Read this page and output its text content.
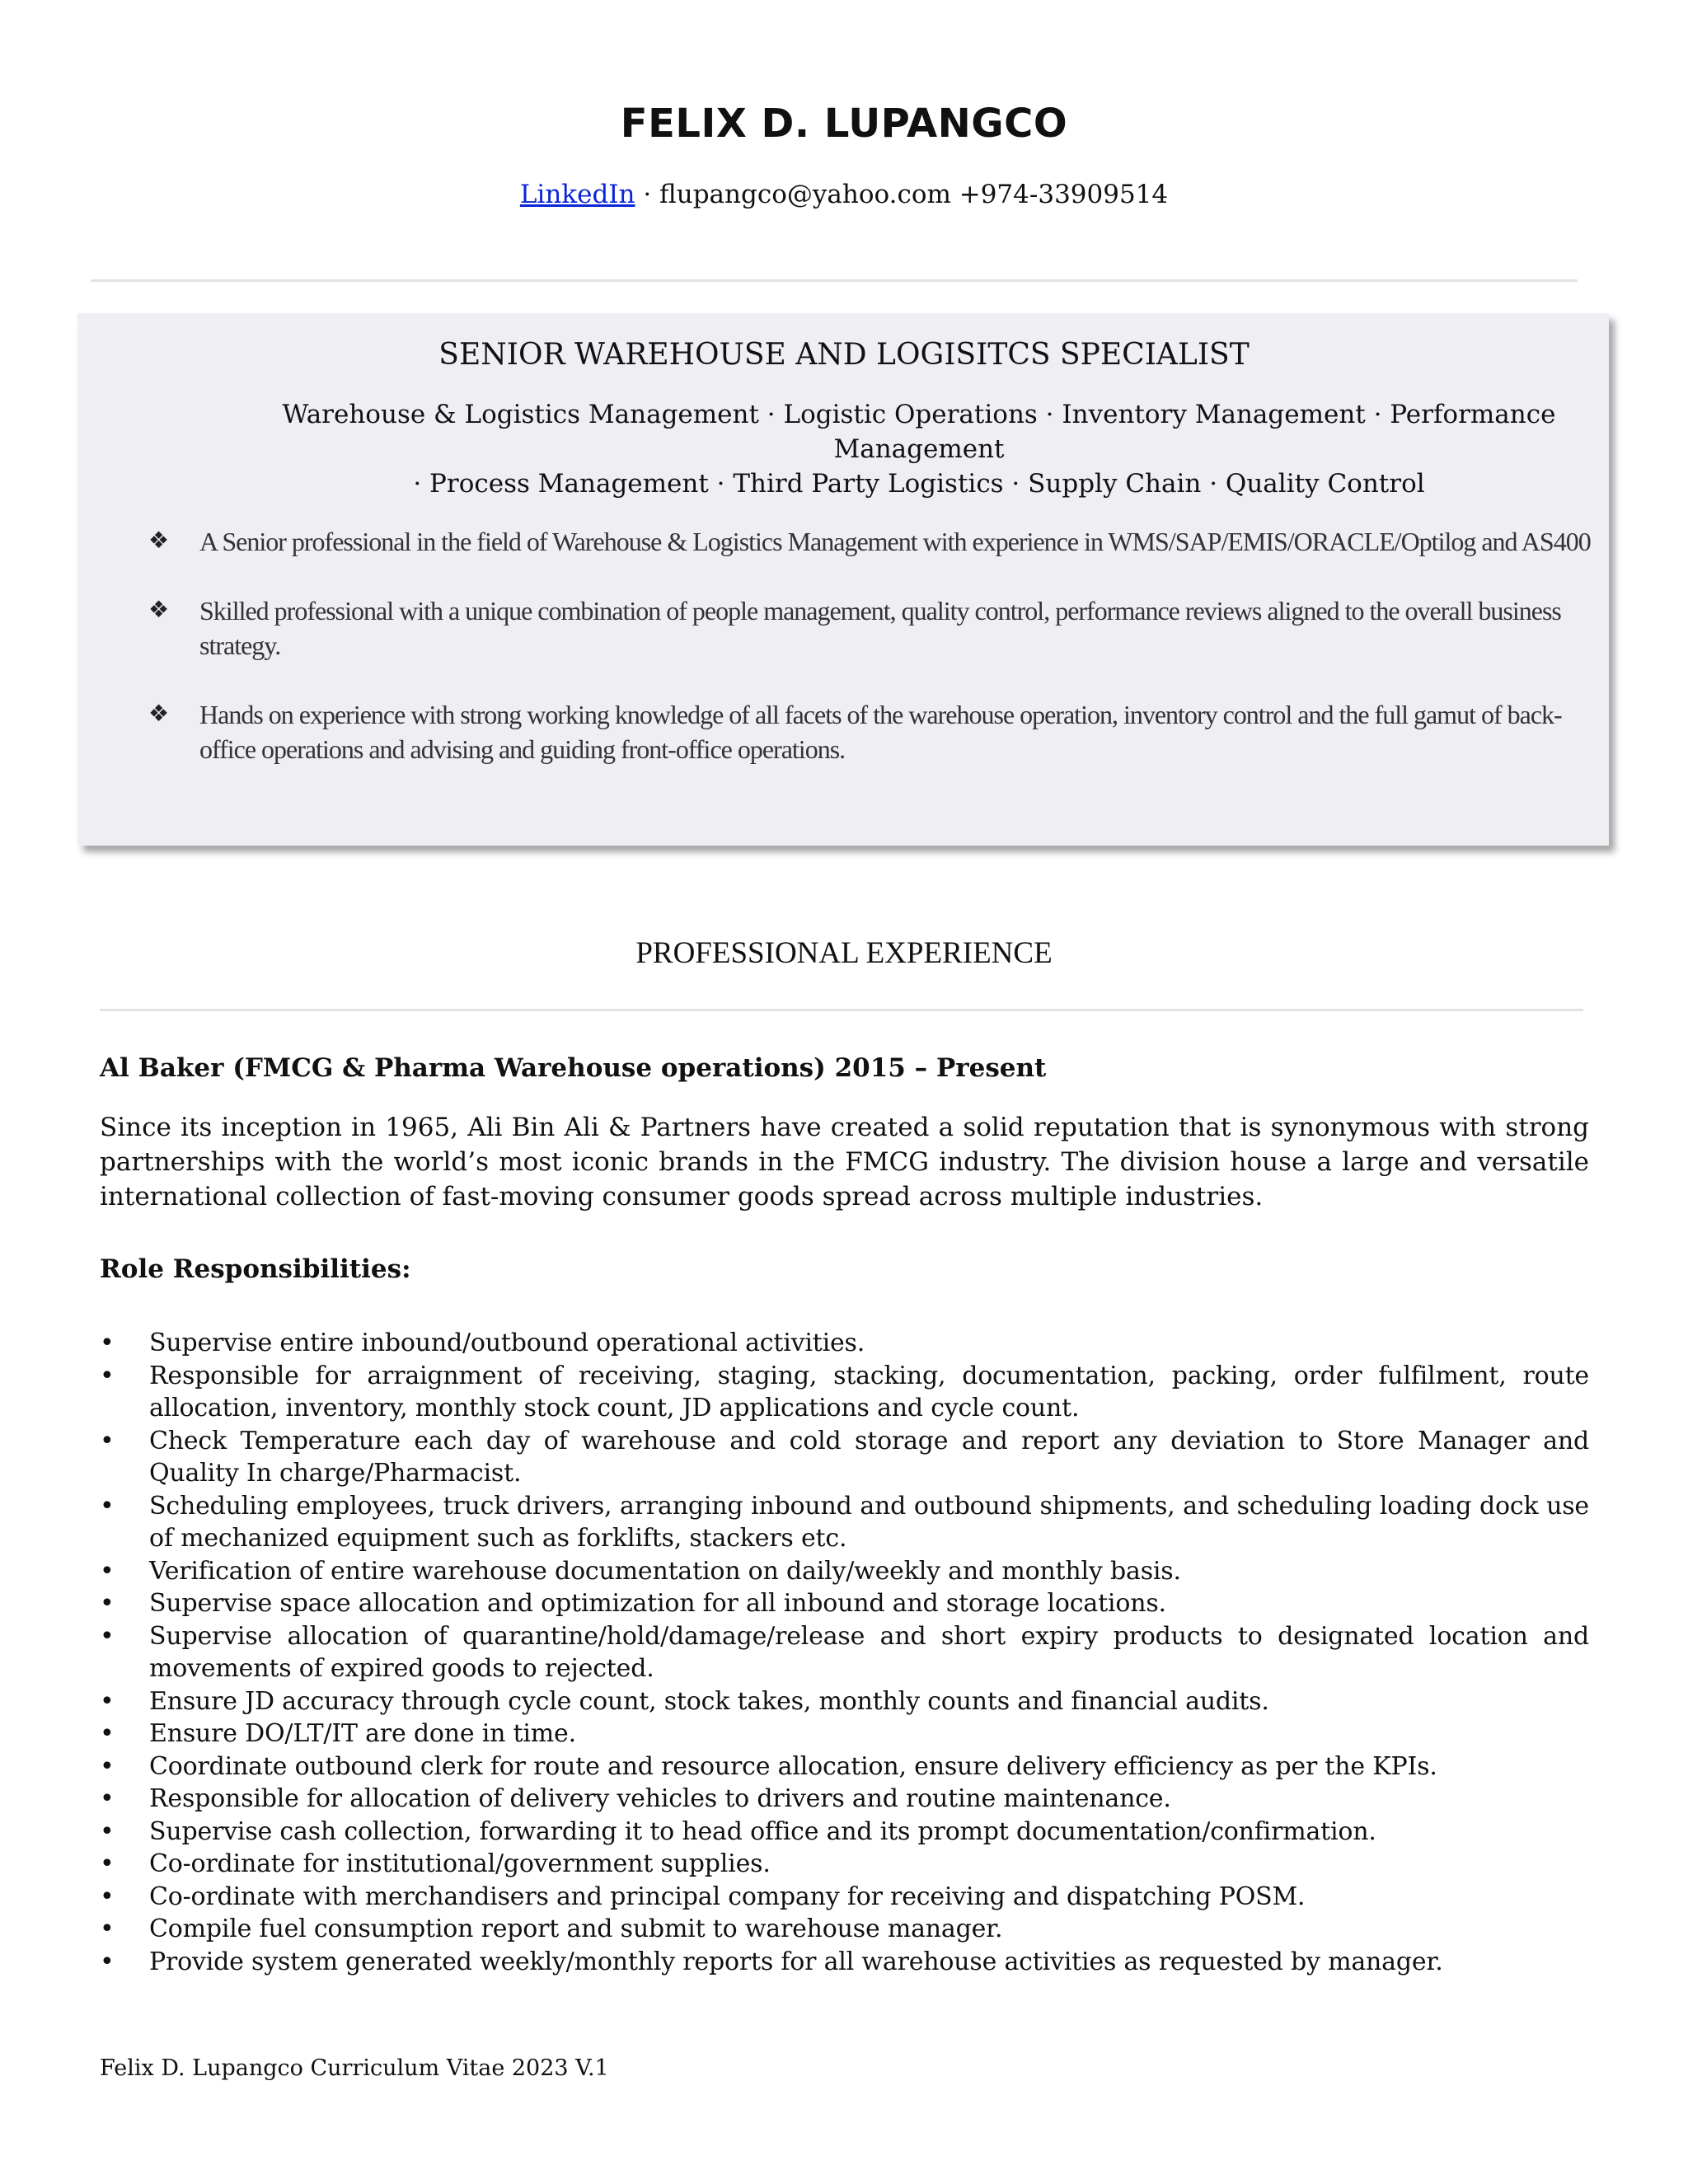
FELIX D. LUPANGCO
LinkedIn · flupangco@yahoo.com +974-33909514
SENIOR WAREHOUSE AND LOGISITCS SPECIALIST
Warehouse & Logistics Management · Logistic Operations · Inventory Management · Performance Management
· Process Management · Third Party Logistics · Supply Chain · Quality Control
❖ A Senior professional in the field of Warehouse & Logistics Management with experience in WMS/SAP/EMIS/ORACLE/Optilog and AS400
❖ Skilled professional with a unique combination of people management, quality control, performance reviews aligned to the overall business strategy.
❖ Hands on experience with strong working knowledge of all facets of the warehouse operation, inventory control and the full gamut of back-office operations and advising and guiding front-office operations.
PROFESSIONAL EXPERIENCE
Al Baker (FMCG & Pharma Warehouse operations) 2015 – Present
Since its inception in 1965, Ali Bin Ali & Partners have created a solid reputation that is synonymous with strong partnerships with the world’s most iconic brands in the FMCG industry. The division house a large and versatile international collection of fast-moving consumer goods spread across multiple industries.
Role Responsibilities:
• Supervise entire inbound/outbound operational activities.
• Responsible for arraignment of receiving, staging, stacking, documentation, packing, order fulfilment, route allocation, inventory, monthly stock count, JD applications and cycle count.
• Check Temperature each day of warehouse and cold storage and report any deviation to Store Manager and Quality In charge/Pharmacist.
• Scheduling employees, truck drivers, arranging inbound and outbound shipments, and scheduling loading dock use of mechanized equipment such as forklifts, stackers etc.
• Verification of entire warehouse documentation on daily/weekly and monthly basis.
• Supervise space allocation and optimization for all inbound and storage locations.
• Supervise allocation of quarantine/hold/damage/release and short expiry products to designated location and movements of expired goods to rejected.
• Ensure JD accuracy through cycle count, stock takes, monthly counts and financial audits.
• Ensure DO/LT/IT are done in time.
• Coordinate outbound clerk for route and resource allocation, ensure delivery efficiency as per the KPIs.
• Responsible for allocation of delivery vehicles to drivers and routine maintenance.
• Supervise cash collection, forwarding it to head office and its prompt documentation/confirmation.
• Co-ordinate for institutional/government supplies.
• Co-ordinate with merchandisers and principal company for receiving and dispatching POSM.
• Compile fuel consumption report and submit to warehouse manager.
• Provide system generated weekly/monthly reports for all warehouse activities as requested by manager.
Felix D. Lupangco Curriculum Vitae 2023 V.1
